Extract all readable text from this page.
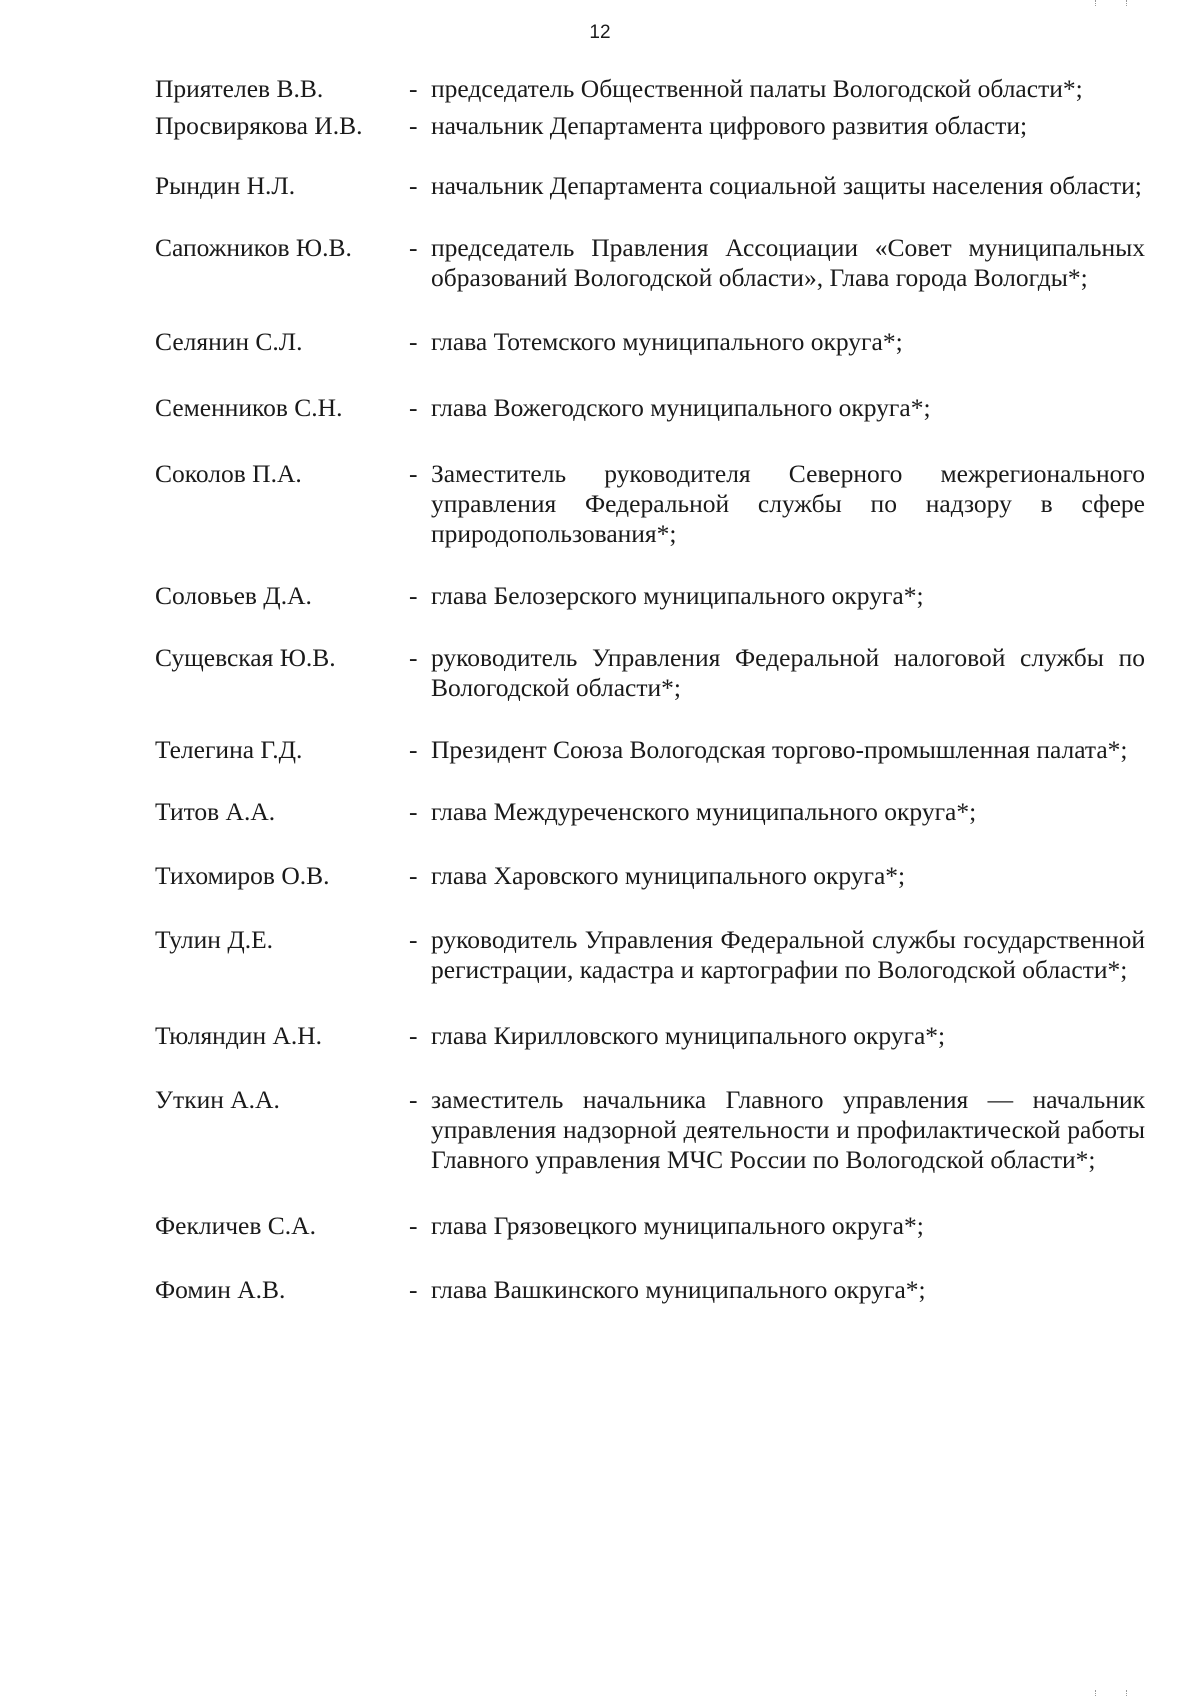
12
Приятелев В.В.	- председатель Общественной палаты Вологодской области*;
Просвирякова И.В.	- начальник Департамента цифрового развития области;
Рындин Н.Л.	- начальник Департамента социальной защиты населения области;
Сапожников Ю.В.	- председатель Правления Ассоциации «Совет муниципальных образований Вологодской области», Глава города Вологды*;
Селянин С.Л.	- глава Тотемского муниципального округа*;
Семенников С.Н.	- глава Вожегодского муниципального округа*;
Соколов П.А.	- Заместитель руководителя Северного межрегионального управления Федеральной службы по надзору в сфере природопользования*;
Соловьев Д.А.	- глава Белозерского муниципального округа*;
Сущевская Ю.В.	- руководитель Управления Федеральной налоговой службы по Вологодской области*;
Телегина Г.Д.	- Президент Союза Вологодская торгово-промышленная палата*;
Титов А.А.	- глава Междуреченского муниципального округа*;
Тихомиров О.В.	- глава Харовского муниципального округа*;
Тулин Д.Е.	- руководитель Управления Федеральной службы государственной регистрации, кадастра и картографии по Вологодской области*;
Тюляндин А.Н.	- глава Кирилловского муниципального округа*;
Уткин А.А.	- заместитель начальника Главного управления — начальник управления надзорной деятельности и профилактической работы Главного управления МЧС России по Вологодской области*;
Фекличев С.А.	- глава Грязовецкого муниципального округа*;
Фомин А.В.	- глава Вашкинского муниципального округа*;
